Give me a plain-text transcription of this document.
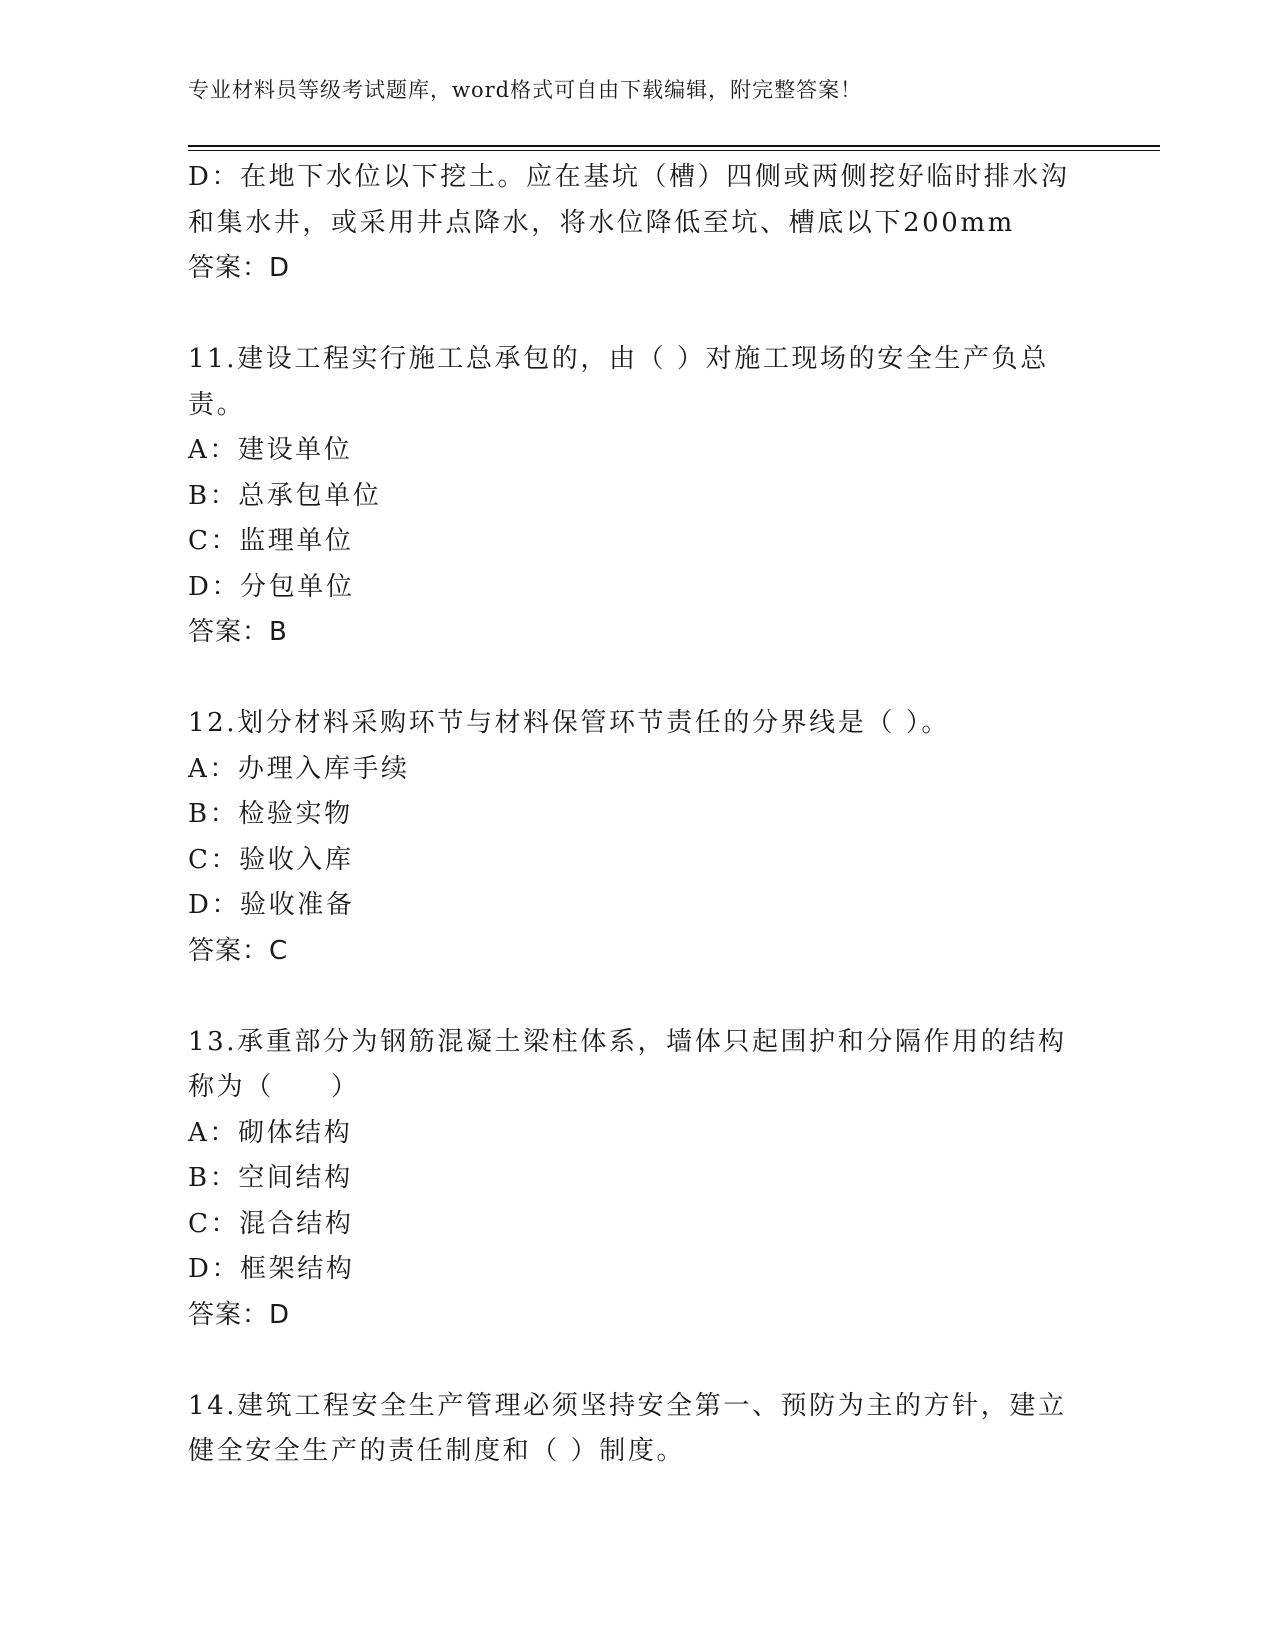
专业材料员等级考试题库，word格式可自由下载编辑，附完整答案！
D：在地下水位以下挖土。应在基坑（槽）四侧或两侧挖好临时排水沟
和集水井，或采用井点降水，将水位降低至坑、槽底以下200mm
答案：D
11.建设工程实行施工总承包的，由（ ）对施工现场的安全生产负总
责。
A：建设单位
B：总承包单位
C：监理单位
D：分包单位
答案：B
12.划分材料采购环节与材料保管环节责任的分界线是（ ）。
A：办理入库手续
B：检验实物
C：验收入库
D：验收准备
答案：C
13.承重部分为钢筋混凝土梁柱体系，墙体只起围护和分隔作用的结构
称为（　　）
A：砌体结构
B：空间结构
C：混合结构
D：框架结构
答案：D
14.建筑工程安全生产管理必须坚持安全第一、预防为主的方针，建立
健全安全生产的责任制度和（ ）制度。
